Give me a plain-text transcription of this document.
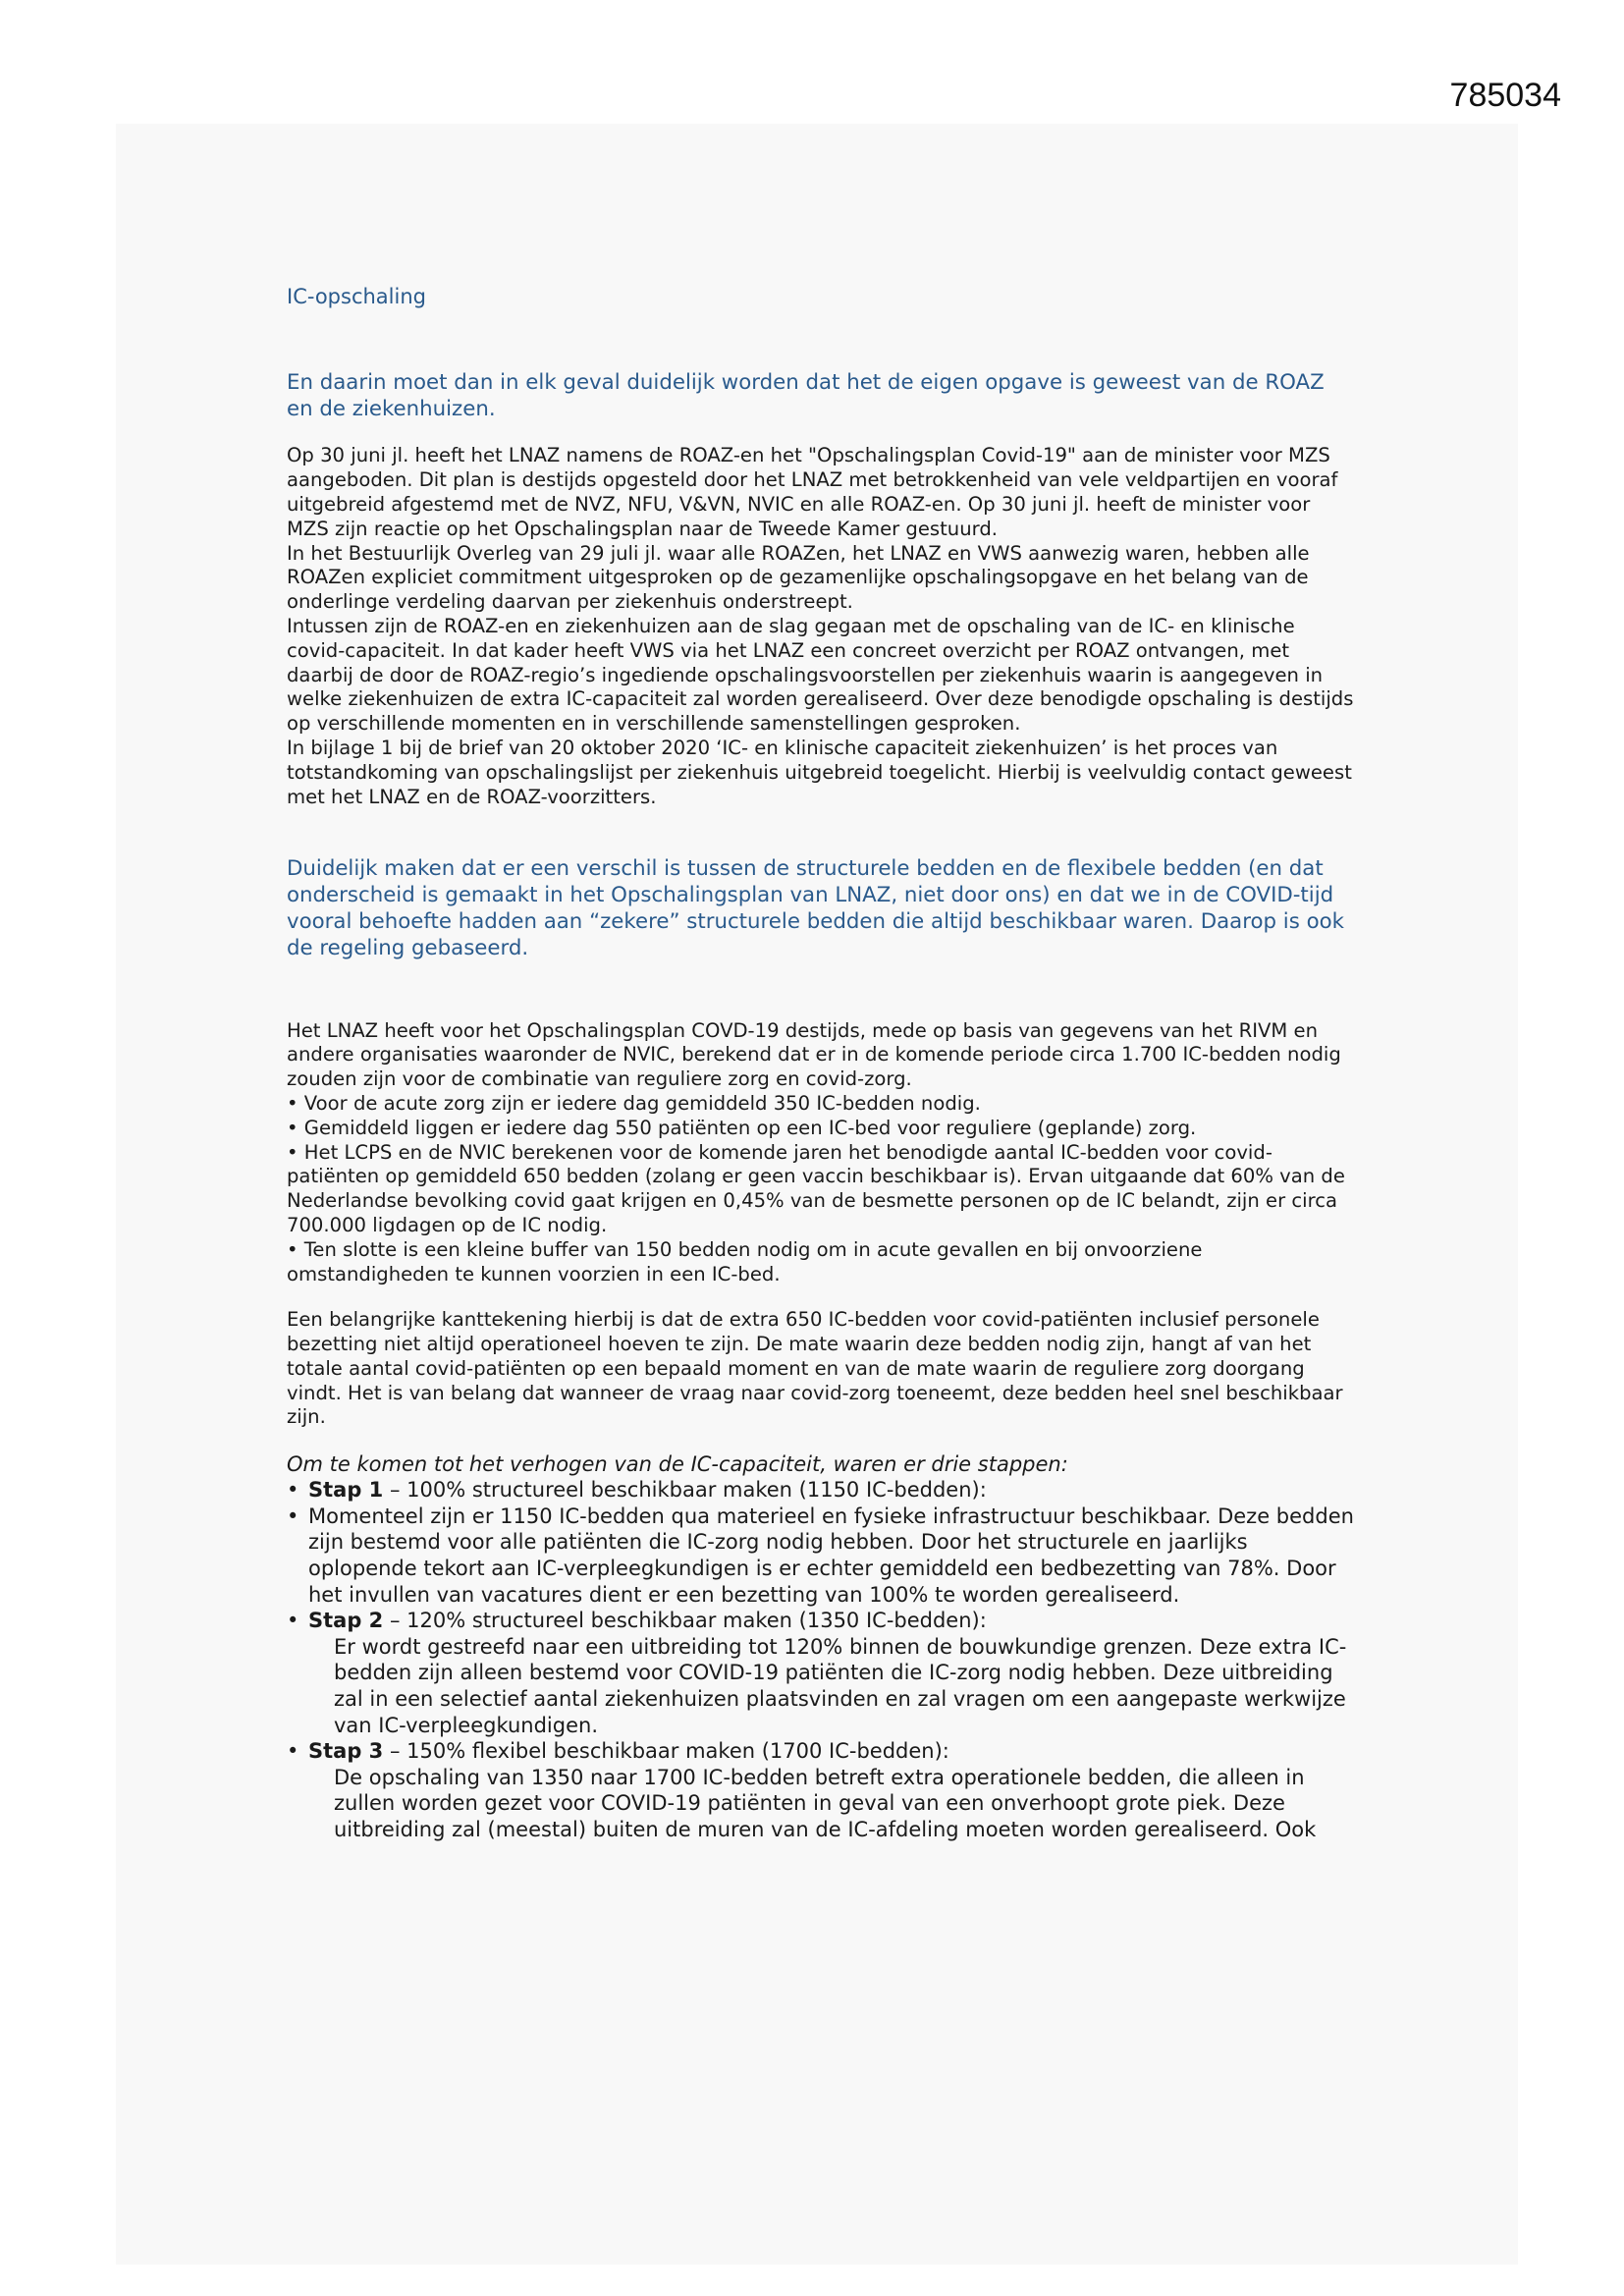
785034

IC-opschaling

En daarin moet dan in elk geval duidelijk worden dat het de eigen opgave is geweest van de ROAZ en de ziekenhuizen.

Op 30 juni jl. heeft het LNAZ namens de ROAZ-en het "Opschalingsplan Covid-19" aan de minister voor MZS aangeboden. Dit plan is destijds opgesteld door het LNAZ met betrokkenheid van vele veldpartijen en vooraf uitgebreid afgestemd met de NVZ, NFU, V&VN, NVIC en alle ROAZ-en. Op 30 juni jl. heeft de minister voor MZS zijn reactie op het Opschalingsplan naar de Tweede Kamer gestuurd.

In het Bestuurlijk Overleg van 29 juli jl. waar alle ROAZen, het LNAZ en VWS aanwezig waren, hebben alle ROAZen expliciet commitment uitgesproken op de gezamenlijke opschalingsopgave en het belang van de onderlinge verdeling daarvan per ziekenhuis onderstreept.

Intussen zijn de ROAZ-en en ziekenhuizen aan de slag gegaan met de opschaling van de IC- en klinische covid-capaciteit. In dat kader heeft VWS via het LNAZ een concreet overzicht per ROAZ ontvangen, met daarbij de door de ROAZ-regio’s ingediende opschalingsvoorstellen per ziekenhuis waarin is aangegeven in welke ziekenhuizen de extra IC-capaciteit zal worden gerealiseerd. Over deze benodigde opschaling is destijds op verschillende momenten en in verschillende samenstellingen gesproken.

In bijlage 1 bij de brief van 20 oktober 2020 ‘IC- en klinische capaciteit ziekenhuizen’ is het proces van totstandkoming van opschalingslijst per ziekenhuis uitgebreid toegelicht. Hierbij is veelvuldig contact geweest met het LNAZ en de ROAZ-voorzitters.

Duidelijk maken dat er een verschil is tussen de structurele bedden en de flexibele bedden (en dat onderscheid is gemaakt in het Opschalingsplan van LNAZ, niet door ons) en dat we in de COVID-tijd vooral behoefte hadden aan “zekere” structurele bedden die altijd beschikbaar waren. Daarop is ook de regeling gebaseerd.

Het LNAZ heeft voor het Opschalingsplan COVD-19 destijds, mede op basis van gegevens van het RIVM en andere organisaties waaronder de NVIC, berekend dat er in de komende periode circa 1.700 IC-bedden nodig zouden zijn voor de combinatie van reguliere zorg en covid-zorg.

• Voor de acute zorg zijn er iedere dag gemiddeld 350 IC-bedden nodig.

• Gemiddeld liggen er iedere dag 550 patiënten op een IC-bed voor reguliere (geplande) zorg.

• Het LCPS en de NVIC berekenen voor de komende jaren het benodigde aantal IC-bedden voor covid-patiënten op gemiddeld 650 bedden (zolang er geen vaccin beschikbaar is). Ervan uitgaande dat 60% van de Nederlandse bevolking covid gaat krijgen en 0,45% van de besmette personen op de IC belandt, zijn er circa 700.000 ligdagen op de IC nodig.

• Ten slotte is een kleine buffer van 150 bedden nodig om in acute gevallen en bij onvoorziene omstandigheden te kunnen voorzien in een IC-bed.

Een belangrijke kanttekening hierbij is dat de extra 650 IC-bedden voor covid-patiënten inclusief personele bezetting niet altijd operationeel hoeven te zijn. De mate waarin deze bedden nodig zijn, hangt af van het totale aantal covid-patiënten op een bepaald moment en van de mate waarin de reguliere zorg doorgang vindt. Het is van belang dat wanneer de vraag naar covid-zorg toeneemt, deze bedden heel snel beschikbaar zijn.

Om te komen tot het verhogen van de IC-capaciteit, waren er drie stappen:

• Stap 1 – 100% structureel beschikbaar maken (1150 IC-bedden):
• Momenteel zijn er 1150 IC-bedden qua materieel en fysieke infrastructuur beschikbaar. Deze bedden zijn bestemd voor alle patiënten die IC-zorg nodig hebben. Door het structurele en jaarlijks oplopende tekort aan IC-verpleegkundigen is er echter gemiddeld een bedbezetting van 78%. Door het invullen van vacatures dient er een bezetting van 100% te worden gerealiseerd.
• Stap 2 – 120% structureel beschikbaar maken (1350 IC-bedden):

Er wordt gestreefd naar een uitbreiding tot 120% binnen de bouwkundige grenzen. Deze extra IC-bedden zijn alleen bestemd voor COVID-19 patiënten die IC-zorg nodig hebben. Deze uitbreiding zal in een selectief aantal ziekenhuizen plaatsvinden en zal vragen om een aangepaste werkwijze van IC-verpleegkundigen.

• Stap 3 – 150% flexibel beschikbaar maken (1700 IC-bedden):

De opschaling van 1350 naar 1700 IC-bedden betreft extra operationele bedden, die alleen in zullen worden gezet voor COVID-19 patiënten in geval van een onverhoopt grote piek. Deze uitbreiding zal (meestal) buiten de muren van de IC-afdeling moeten worden gerealiseerd. Ook
